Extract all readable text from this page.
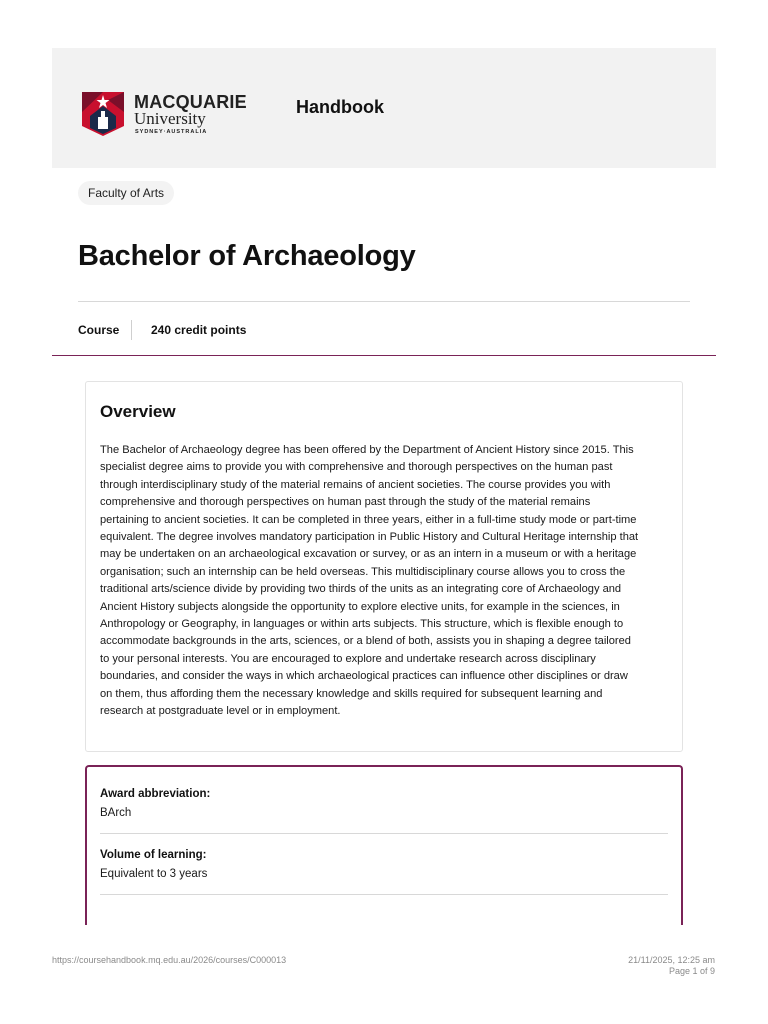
MACQUARIE
University
SYDNEY·AUSTRALIA
Handbook
Faculty of Arts
Bachelor of Archaeology
Course	240 credit points
Overview
The Bachelor of Archaeology degree has been offered by the Department of Ancient History since 2015. This
specialist degree aims to provide you with comprehensive and thorough perspectives on the human past
through interdisciplinary study of the material remains of ancient societies. The course provides you with
comprehensive and thorough perspectives on human past through the study of the material remains
pertaining to ancient societies. It can be completed in three years, either in a full-time study mode or part-time
equivalent. The degree involves mandatory participation in Public History and Cultural Heritage internship that
may be undertaken on an archaeological excavation or survey, or as an intern in a museum or with a heritage
organisation; such an internship can be held overseas. This multidisciplinary course allows you to cross the
traditional arts/science divide by providing two thirds of the units as an integrating core of Archaeology and
Ancient History subjects alongside the opportunity to explore elective units, for example in the sciences, in
Anthropology or Geography, in languages or within arts subjects. This structure, which is flexible enough to
accommodate backgrounds in the arts, sciences, or a blend of both, assists you in shaping a degree tailored
to your personal interests. You are encouraged to explore and undertake research across disciplinary
boundaries, and consider the ways in which archaeological practices can influence other disciplines or draw
on them, thus affording them the necessary knowledge and skills required for subsequent learning and
research at postgraduate level or in employment.
Award abbreviation:
BArch
Volume of learning:
Equivalent to 3 years
https://coursehandbook.mq.edu.au/2026/courses/C000013	21/11/2025, 12:25 am
Page 1 of 9
